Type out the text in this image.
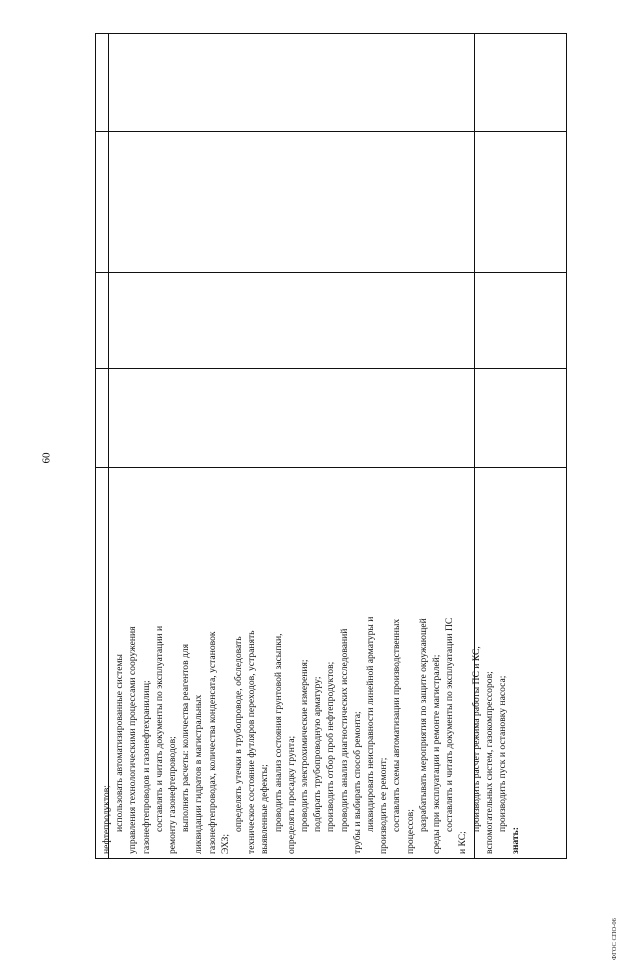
60
нефтепродуктов; использовать автоматизированные системы управления технологическими процессами сооружения газонефтепроводов и газонефтехранилищ; составлять и читать документы по эксплуатации и ремонту газонефтепроводов; выполнять расчеты: количества реагентов для ликвидации гидратов в магистральных газонефтепроводах, количества конденсата, установок ЭХЗ;
определять утечки в трубопроводе, обследовать техническое состояние футляров переходов, устранять выявленные дефекты; проводить анализ состояния грунтовой засыпки, определять просадку грунта; проводить электрохимические измерения; подбирать трубопроводную арматуру; производить отбор проб нефтепродуктов; проводить анализ диагностических исследований трубы и выбирать способ ремонта; ликвидировать неисправности линейной арматуры и производить ее ремонт; составлять схемы автоматизации производственных процессов; разрабатывать мероприятия по защите окружающей среды при эксплуатации и ремонте магистралей; составлять и читать документы по эксплуатации ПС
и КС;
производить расчет режима работы ПС и КС, вспомогательных систем, газокомпрессоров; производить пуск и остановку насоса;
знать:
ФГОС СПО-06
